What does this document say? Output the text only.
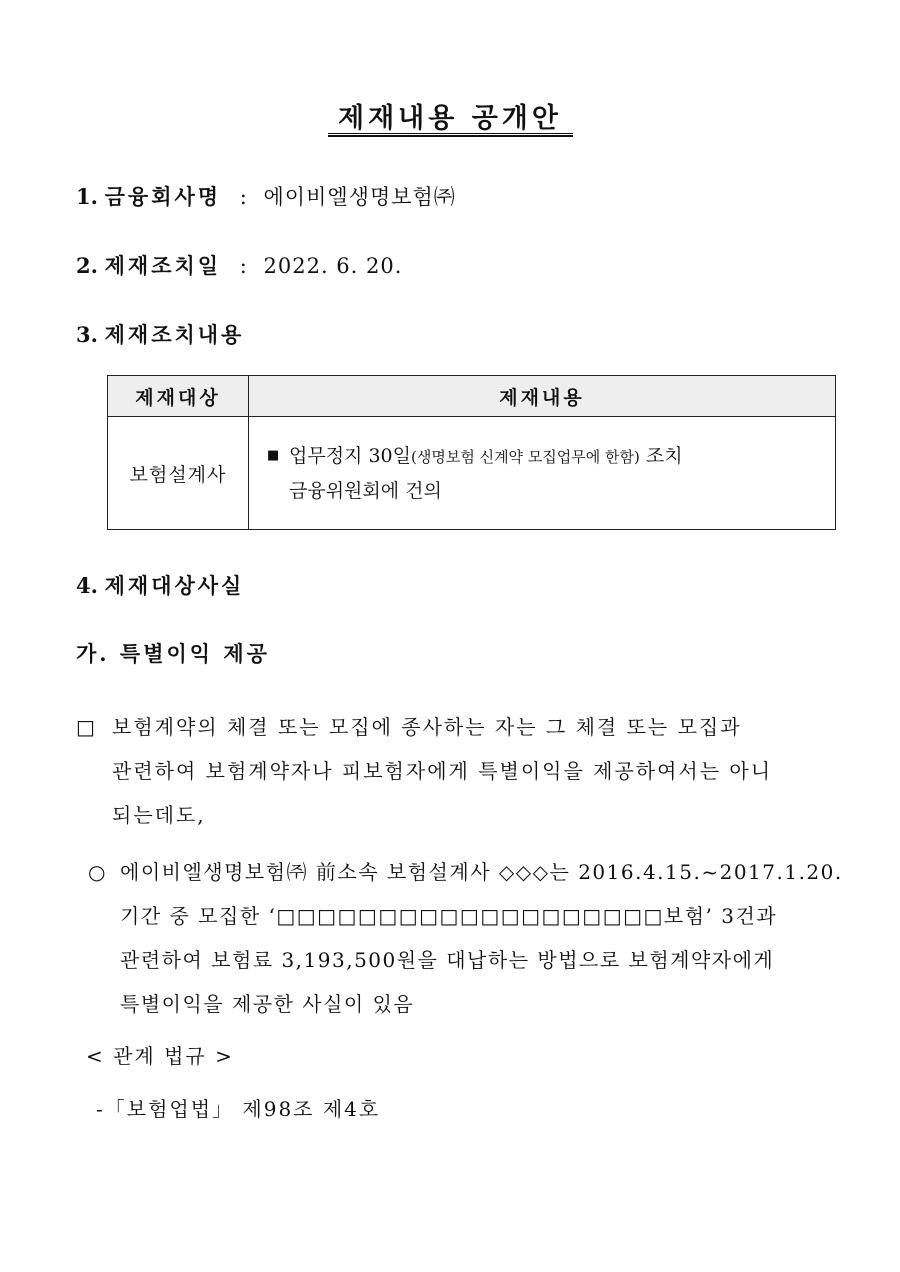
제재내용 공개안
1. 금융회사명 : 에이비엘생명보험㈜
2. 제재조치일 : 2022. 6. 20.
3. 제재조치내용
제재대상	제재내용
보험설계사	■ 업무정지 30일(생명보험 신계약 모집업무에 한함) 조치
금융위원회에 건의
4. 제재대상사실
가. 특별이익 제공
□ 보험계약의 체결 또는 모집에 종사하는 자는 그 체결 또는 모집과
관련하여 보험계약자나 피보험자에게 특별이익을 제공하여서는 아니
되는데도,
○ 에이비엘생명보험㈜ 前소속 보험설계사 ◇◇◇는 2016.4.15.~2017.1.20.
기간 중 모집한 ‘□□□□□□□□□□□□□□□□□□□보험’ 3건과
관련하여 보험료 3,193,500원을 대납하는 방법으로 보험계약자에게
특별이익을 제공한 사실이 있음
< 관계 법규 >
-「보험업법」 제98조 제4호
